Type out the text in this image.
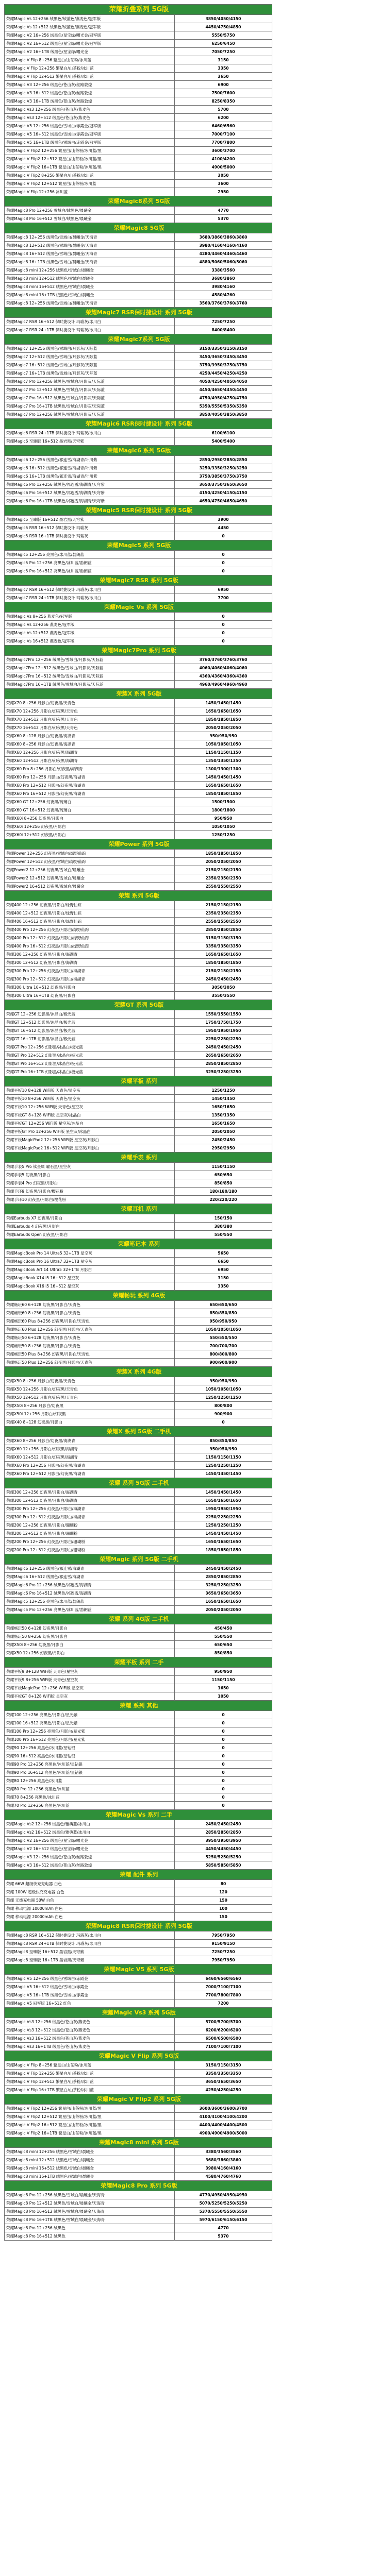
荣耀折叠系列 5G版
荣耀Magic Vs 12+256 绒黑色/绒蓝色/燕麦色/冠军版	3850/4050/4150
荣耀Magic Vs 12+512 绒黑色/绒蓝色/燕麦色/冠军版	4450/4750/4850
荣耀Magic V2 16+256 绒黑色/星宝绿/曙光金/冠军版	5550/5750
荣耀Magic V2 16+512 绒黑色/星宝绿/曙光金/冠军版	6250/6450
荣耀Magic V2 16+1TB 绒黑色/星宝绿/曙光金	7050/7250
荣耀Magic V Flip 8+256 繁星白/山茶粉/冰川蓝	3150
荣耀Magic V Flip 12+256 繁星白/山茶粉/冰川蓝	3350
荣耀Magic V Flip 12+512 繁星白/山茶粉/冰川蓝	3650
荣耀Magic V3 12+256 绒黑色/苍山灰/丝路敦煌	6900
荣耀Magic V3 16+512 绒黑色/苍山灰/丝路敦煌	7500/7600
荣耀Magic V3 16+1TB 绒黑色/苍山灰/丝路敦煌	8250/8350
荣耀Magic Vs3 12+256 绒黑色/苍山灰/燕麦色	5700
荣耀Magic Vs3 12+512 绒黑色/苍山灰/燕麦色	6200
荣耀Magic V5 12+256 绒黑色/雪域白/赤霞金/冠军版	6460/6560
荣耀Magic V5 16+512 绒黑色/雪域白/赤霞金/冠军版	7000/7100
荣耀Magic V5 16+1TB 绒黑色/雪域白/赤霞金/冠军版	7700/7800
荣耀Magic V Flip2 12+256 繁星白/山茶粉/冰川蓝/黑	3600/3700
荣耀Magic V Flip2 12+512 繁星白/山茶粉/冰川蓝/黑	4100/4200
荣耀Magic V Flip2 16+1TB 繁星白/山茶粉/冰川蓝/黑	4900/5000
荣耀Magic V Flip2 8+256 繁星白/山茶粉/冰川蓝	3050
荣耀Magic V Flip2 12+512 繁星白/山茶粉/冰川蓝	3600
荣耀Magic V Flip 12+256 冰川蓝	2950
荣耀Magic8系列 5G版
荣耀Magic8 Pro 12+256 雪域白/绒黑色/晨曦金	4770
荣耀Magic8 Pro 16+512 雪域白/绒黑色/晨曦金	5370
荣耀Magic8 5G版
荣耀Magic8 12+256 绒黑色/雪域白/晨曦金/天海青	3680/3860/3860/3860
荣耀Magic8 12+512 绒黑色/雪域白/晨曦金/天海青	3980/4160/4160/4160
荣耀Magic8 16+512 绒黑色/雪域白/晨曦金/天海青	4280/4460/4460/4460
荣耀Magic8 16+1TB 绒黑色/雪域白/晨曦金/天海青	4880/5060/5060/5060
荣耀Magic8 mini 12+256 绒黑色/雪域白/晨曦金	3380/3560
荣耀Magic8 mini 12+512 绒黑色/雪域白/晨曦金	3680/3860
荣耀Magic8 mini 16+512 绒黑色/雪域白/晨曦金	3980/4160
荣耀Magic8 mini 16+1TB 绒黑色/雪域白/晨曦金	4580/4760
荣耀Magic8 12+256 绒黑色/雪域白/晨曦金/天海青	3560/3760/3760/3760
荣耀Magic7 RSR保时捷设计 系列 5G版
荣耀Magic7 RSR 16+512 保时捷设计 玛瑙灰/冰川白	7250/7250
荣耀Magic7 RSR 24+1TB 保时捷设计 玛瑙灰/冰川白	8400/8400
荣耀Magic7系列 5G版
荣耀Magic7 12+256 绒黑色/雪域白/月影灰/天际蓝	3150/3350/3150/3150
荣耀Magic7 12+512 绒黑色/雪域白/月影灰/天际蓝	3450/3650/3450/3450
荣耀Magic7 16+512 绒黑色/雪域白/月影灰/天际蓝	3750/3950/3750/3750
荣耀Magic7 16+1TB 绒黑色/雪域白/月影灰/天际蓝	4250/4450/4250/4250
荣耀Magic7 Pro 12+256 绒黑色/雪域白/月影灰/天际蓝	4050/4250/4050/4050
荣耀Magic7 Pro 12+512 绒黑色/雪域白/月影灰/天际蓝	4450/4650/4450/4450
荣耀Magic7 Pro 16+512 绒黑色/雪域白/月影灰/天际蓝	4750/4950/4750/4750
荣耀Magic7 Pro 16+1TB 绒黑色/雪域白/月影灰/天际蓝	5350/5550/5350/5350
荣耀Magic7 Pro 12+256 绒黑色/雪域白/月影灰/天际蓝	3850/4050/3850/3850
荣耀Magic6 RSR保时捷设计 系列 5G版
荣耀Magic6 RSR 24+1TB 保时捷设计 玛瑙灰/冰川白	6100/6100
荣耀Magic6 至臻版 16+512 墨岩黑/天穹紫	5400/5400
荣耀Magic6 系列 5G版
荣耀Magic6 12+256 绒黑色/祁连雪/海湖青/叶川紫	2850/2950/2850/2850
荣耀Magic6 16+512 绒黑色/祁连雪/海湖青/叶川紫	3250/3350/3250/3250
荣耀Magic6 16+1TB 绒黑色/祁连雪/海湖青/叶川紫	3750/3850/3750/3750
荣耀Magic6 Pro 12+256 绒黑色/祁连雪/海湖青/天穹紫	3650/3750/3650/3650
荣耀Magic6 Pro 16+512 绒黑色/祁连雪/海湖青/天穹紫	4150/4250/4150/4150
荣耀Magic6 Pro 16+1TB 绒黑色/祁连雪/海湖青/天穹紫	4650/4750/4650/4650
荣耀Magic5 RSR保时捷设计 系列 5G版
荣耀Magic5 至臻版 16+512 墨岩黑/天穹紫	3900
荣耀Magic5 RSR 16+512 保时捷设计 玛瑙灰	4450
荣耀Magic5 RSR 16+1TB 保时捷设计 玛瑙灰	0
荣耀Magic5 系列 5G版
荣耀Magic5 12+256 亮黑色/冰川蓝/勃朗蓝	0
荣耀Magic5 Pro 12+256 亮黑色/冰川蓝/勃朗蓝	0
荣耀Magic5 Pro 16+512 亮黑色/冰川蓝/勃朗蓝	0
荣耀Magic7 RSR 系列 5G版
荣耀Magic7 RSR 16+512 保时捷设计 玛瑙灰/冰川白	6950
荣耀Magic7 RSR 24+1TB 保时捷设计 玛瑙灰/冰川白	7700
荣耀Magic Vs 系列 5G版
荣耀Magic Vs 8+256 燕麦色/冠军版	0
荣耀Magic Vs 12+256 燕麦色/冠军版	0
荣耀Magic Vs 12+512 燕麦色/冠军版	0
荣耀Magic Vs 16+512 燕麦色/冠军版	0
荣耀Magic7Pro 系列 5G版
荣耀Magic7Pro 12+256 绒黑色/雪域白/月影灰/天际蓝	3760/3760/3760/3760
荣耀Magic7Pro 12+512 绒黑色/雪域白/月影灰/天际蓝	4060/4060/4060/4060
荣耀Magic7Pro 16+512 绒黑色/雪域白/月影灰/天际蓝	4360/4360/4360/4360
荣耀Magic7Pro 16+1TB 绒黑色/雪域白/月影灰/天际蓝	4960/4960/4960/4960
荣耀X 系列 5G版
荣耀X70 8+256 月影白/幻夜黑/天青色	1450/1450/1450
荣耀X70 12+256 月影白/幻夜黑/天青色	1650/1650/1650
荣耀X70 12+512 月影白/幻夜黑/天青色	1850/1850/1850
荣耀X70 16+512 月影白/幻夜黑/天青色	2050/2050/2050
荣耀X60 8+128 月影白/幻夜黑/海湖青	950/950/950
荣耀X60 8+256 月影白/幻夜黑/海湖青	1050/1050/1050
荣耀X60 12+256 月影白/幻夜黑/海湖青	1150/1150/1150
荣耀X60 12+512 月影白/幻夜黑/海湖青	1350/1350/1350
荣耀X60 Pro 8+256 月影白/幻夜黑/海湖青	1300/1300/1300
荣耀X60 Pro 12+256 月影白/幻夜黑/海湖青	1450/1450/1450
荣耀X60 Pro 12+512 月影白/幻夜黑/海湖青	1650/1650/1650
荣耀X60 Pro 16+512 月影白/幻夜黑/海湖青	1850/1850/1850
荣耀X60 GT 12+256 幻夜黑/琉璃白	1500/1500
荣耀X60 GT 16+512 幻夜黑/琉璃白	1800/1800
荣耀X60i 8+256 幻夜黑/月影白	950/950
荣耀X60i 12+256 幻夜黑/月影白	1050/1050
荣耀X60i 12+512 幻夜黑/月影白	1250/1250
荣耀Power 系列 5G版
荣耀Power 12+256 幻夜黑/雪域白/绿野仙踪	1850/1850/1850
荣耀Power 12+512 幻夜黑/雪域白/绿野仙踪	2050/2050/2050
荣耀Power2 12+256 幻夜黑/雪域白/晨曦金	2150/2150/2150
荣耀Power2 12+512 幻夜黑/雪域白/晨曦金	2350/2350/2350
荣耀Power2 16+512 幻夜黑/雪域白/晨曦金	2550/2550/2550
荣耀 系列 5G版
荣耀400 12+256 幻夜黑/月影白/绿野仙踪	2150/2150/2150
荣耀400 12+512 幻夜黑/月影白/绿野仙踪	2350/2350/2350
荣耀400 16+512 幻夜黑/月影白/绿野仙踪	2550/2550/2550
荣耀400 Pro 12+256 幻夜黑/月影白/绿野仙踪	2850/2850/2850
荣耀400 Pro 12+512 幻夜黑/月影白/绿野仙踪	3150/3150/3150
荣耀400 Pro 16+512 幻夜黑/月影白/绿野仙踪	3350/3350/3350
荣耀300 12+256 幻夜黑/月影白/海湖青	1650/1650/1650
荣耀300 12+512 幻夜黑/月影白/海湖青	1850/1850/1850
荣耀300 Pro 12+256 幻夜黑/月影白/海湖青	2150/2150/2150
荣耀300 Pro 12+512 幻夜黑/月影白/海湖青	2450/2450/2450
荣耀300 Ultra 16+512 幻夜黑/月影白	3050/3050
荣耀300 Ultra 16+1TB 幻夜黑/月影白	3550/3550
荣耀GT 系列 5G版
荣耀GT 12+256 幻影黑/冰晶白/极光蓝	1550/1550/1550
荣耀GT 12+512 幻影黑/冰晶白/极光蓝	1750/1750/1750
荣耀GT 16+512 幻影黑/冰晶白/极光蓝	1950/1950/1950
荣耀GT 16+1TB 幻影黑/冰晶白/极光蓝	2250/2250/2250
荣耀GT Pro 12+256 幻影黑/冰晶白/极光蓝	2450/2450/2450
荣耀GT Pro 12+512 幻影黑/冰晶白/极光蓝	2650/2650/2650
荣耀GT Pro 16+512 幻影黑/冰晶白/极光蓝	2850/2850/2850
荣耀GT Pro 16+1TB 幻影黑/冰晶白/极光蓝	3250/3250/3250
荣耀平板 系列
荣耀平板10 8+128 WiFi版 天青色/星空灰	1250/1250
荣耀平板10 8+256 WiFi版 天青色/星空灰	1450/1450
荣耀平板10 12+256 WiFi版 天青色/星空灰	1650/1650
荣耀平板GT 8+128 WiFi版 星空灰/冰晶白	1350/1350
荣耀平板GT 12+256 WiFi版 星空灰/冰晶白	1650/1650
荣耀平板GT Pro 12+256 WiFi版 星空灰/冰晶白	2050/2050
荣耀平板MagicPad2 12+256 WiFi版 星空灰/月影白	2450/2450
荣耀平板MagicPad2 16+512 WiFi版 星空灰/月影白	2950/2950
荣耀手表 系列
荣耀手表5 Pro 钛金属 曜石黑/星空灰	1150/1150
荣耀手表5 幻夜黑/月影白	650/650
荣耀手表4 Pro 幻夜黑/月影白	850/850
荣耀手环9 幻夜黑/月影白/樱花粉	180/180/180
荣耀手环10 幻夜黑/月影白/樱花粉	220/220/220
荣耀耳机 系列
荣耀Earbuds X7 幻夜黑/月影白	150/150
荣耀Earbuds 4 幻夜黑/月影白	380/380
荣耀Earbuds Open 幻夜黑/月影白	550/550
荣耀笔记本 系列
荣耀MagicBook Pro 14 Ultra5 32+1TB 星空灰	5650
荣耀MagicBook Pro 16 Ultra7 32+1TB 星空灰	6650
荣耀MagicBook Art 14 Ultra5 32+1TB 月影白	6950
荣耀MagicBook X14 i5 16+512 星空灰	3150
荣耀MagicBook X16 i5 16+512 星空灰	3350
荣耀畅玩 系列 4G版
荣耀畅玩60 6+128 幻夜黑/月影白/天青色	650/650/650
荣耀畅玩60 8+256 幻夜黑/月影白/天青色	850/850/850
荣耀畅玩60 Plus 8+256 幻夜黑/月影白/天青色	950/950/950
荣耀畅玩60 Plus 12+256 幻夜黑/月影白/天青色	1050/1050/1050
荣耀畅玩50 6+128 幻夜黑/月影白/天青色	550/550/550
荣耀畅玩50 8+256 幻夜黑/月影白/天青色	700/700/700
荣耀畅玩50 Plus 8+256 幻夜黑/月影白/天青色	800/800/800
荣耀畅玩50 Plus 12+256 幻夜黑/月影白/天青色	900/900/900
荣耀X 系列 4G版
荣耀X50 8+256 月影白/幻夜黑/天青色	950/950/950
荣耀X50 12+256 月影白/幻夜黑/天青色	1050/1050/1050
荣耀X50 12+512 月影白/幻夜黑/天青色	1250/1250/1250
荣耀X50i 8+256 月影白/幻夜黑	800/800
荣耀X50i 12+256 月影白/幻夜黑	900/900
荣耀X40 8+128 幻夜黑/月影白	0
荣耀X 系列 5G版 二手机
荣耀X60 8+256 月影白/幻夜黑/海湖青	850/850/850
荣耀X60 12+256 月影白/幻夜黑/海湖青	950/950/950
荣耀X60 12+512 月影白/幻夜黑/海湖青	1150/1150/1150
荣耀X60 Pro 12+256 月影白/幻夜黑/海湖青	1250/1250/1250
荣耀X60 Pro 12+512 月影白/幻夜黑/海湖青	1450/1450/1450
荣耀 系列 5G版 二手机
荣耀300 12+256 幻夜黑/月影白/海湖青	1450/1450/1450
荣耀300 12+512 幻夜黑/月影白/海湖青	1650/1650/1650
荣耀300 Pro 12+256 幻夜黑/月影白/海湖青	1950/1950/1950
荣耀300 Pro 12+512 幻夜黑/月影白/海湖青	2250/2250/2250
荣耀200 12+256 幻夜黑/月影白/珊瑚粉	1250/1250/1250
荣耀200 12+512 幻夜黑/月影白/珊瑚粉	1450/1450/1450
荣耀200 Pro 12+256 幻夜黑/月影白/珊瑚粉	1650/1650/1650
荣耀200 Pro 12+512 幻夜黑/月影白/珊瑚粉	1850/1850/1850
荣耀Magic 系列 5G版 二手机
荣耀Magic6 12+256 绒黑色/祁连雪/海湖青	2450/2450/2450
荣耀Magic6 16+512 绒黑色/祁连雪/海湖青	2850/2850/2850
荣耀Magic6 Pro 12+256 绒黑色/祁连雪/海湖青	3250/3250/3250
荣耀Magic6 Pro 16+512 绒黑色/祁连雪/海湖青	3650/3650/3650
荣耀Magic5 12+256 亮黑色/冰川蓝/勃朗蓝	1650/1650/1650
荣耀Magic5 Pro 12+256 亮黑色/冰川蓝/勃朗蓝	2050/2050/2050
荣耀 系列 4G版 二手机
荣耀畅玩50 6+128 幻夜黑/月影白	450/450
荣耀畅玩50 8+256 幻夜黑/月影白	550/550
荣耀X50i 8+256 幻夜黑/月影白	650/650
荣耀X50 12+256 幻夜黑/月影白	850/850
荣耀平板 系列 二手
荣耀平板9 8+128 WiFi版 天青色/星空灰	950/950
荣耀平板9 8+256 WiFi版 天青色/星空灰	1150/1150
荣耀平板MagicPad 12+256 WiFi版 星空灰	1650
荣耀平板GT 8+128 WiFi版 星空灰	1050
荣耀 系列 其他
荣耀100 12+256 亮黑色/月影白/星光紫	0
荣耀100 16+512 亮黑色/月影白/星光紫	0
荣耀100 Pro 12+256 亮黑色/月影白/星光紫	0
荣耀100 Pro 16+512 亮黑色/月影白/星光紫	0
荣耀90 12+256 亮黑色/冰川蓝/星钻银	0
荣耀90 16+512 亮黑色/冰川蓝/星钻银	0
荣耀90 Pro 12+256 亮黑色/冰川蓝/星钻银	0
荣耀90 Pro 16+512 亮黑色/冰川蓝/星钻银	0
荣耀80 12+256 亮黑色/冰川蓝	0
荣耀80 Pro 12+256 亮黑色/冰川蓝	0
荣耀70 8+256 亮黑色/冰川蓝	0
荣耀70 Pro 12+256 亮黑色/冰川蓝	0
荣耀Magic Vs 系列 二手
荣耀Magic Vs2 12+256 绒黑色/雅典蓝/冰川白	2450/2450/2450
荣耀Magic Vs2 16+512 绒黑色/雅典蓝/冰川白	2850/2850/2850
荣耀Magic V2 16+256 绒黑色/星宝绿/曙光金	3950/3950/3950
荣耀Magic V2 16+512 绒黑色/星宝绿/曙光金	4450/4450/4450
荣耀Magic V3 12+256 绒黑色/苍山灰/丝路敦煌	5250/5250/5250
荣耀Magic V3 16+512 绒黑色/苍山灰/丝路敦煌	5850/5850/5850
荣耀 配件 系列
荣耀 66W 超级快充充电器 白色	80
荣耀 100W 超级快充充电器 白色	120
荣耀 无线充电器 50W 白色	150
荣耀 移动电源 10000mAh 白色	100
荣耀 移动电源 20000mAh 白色	150
荣耀Magic8 RSR保时捷设计 系列 5G版
荣耀Magic8 RSR 16+512 保时捷设计 玛瑙灰/冰川白	7950/7950
荣耀Magic8 RSR 24+1TB 保时捷设计 玛瑙灰/冰川白	9150/9150
荣耀Magic8 至臻版 16+512 墨岩黑/天穹紫	7250/7250
荣耀Magic8 至臻版 16+1TB 墨岩黑/天穹紫	7950/7950
荣耀Magic V5 系列 5G版
荣耀Magic V5 12+256 绒黑色/雪域白/赤霞金	6460/6560/6560
荣耀Magic V5 16+512 绒黑色/雪域白/赤霞金	7000/7100/7100
荣耀Magic V5 16+1TB 绒黑色/雪域白/赤霞金	7700/7800/7800
荣耀Magic V5 冠军版 16+512 红色	7200
荣耀Magic Vs3 系列 5G版
荣耀Magic Vs3 12+256 绒黑色/苍山灰/燕麦色	5700/5700/5700
荣耀Magic Vs3 12+512 绒黑色/苍山灰/燕麦色	6200/6200/6200
荣耀Magic Vs3 16+512 绒黑色/苍山灰/燕麦色	6500/6500/6500
荣耀Magic Vs3 16+1TB 绒黑色/苍山灰/燕麦色	7100/7100/7100
荣耀Magic V Flip 系列 5G版
荣耀Magic V Flip 8+256 繁星白/山茶粉/冰川蓝	3150/3150/3150
荣耀Magic V Flip 12+256 繁星白/山茶粉/冰川蓝	3350/3350/3350
荣耀Magic V Flip 12+512 繁星白/山茶粉/冰川蓝	3650/3650/3650
荣耀Magic V Flip 16+1TB 繁星白/山茶粉/冰川蓝	4250/4250/4250
荣耀Magic V Flip2 系列 5G版
荣耀Magic V Flip2 12+256 繁星白/山茶粉/冰川蓝/黑	3600/3600/3600/3700
荣耀Magic V Flip2 12+512 繁星白/山茶粉/冰川蓝/黑	4100/4100/4100/4200
荣耀Magic V Flip2 16+512 繁星白/山茶粉/冰川蓝/黑	4400/4400/4400/4500
荣耀Magic V Flip2 16+1TB 繁星白/山茶粉/冰川蓝/黑	4900/4900/4900/5000
荣耀Magic8 mini 系列 5G版
荣耀Magic8 mini 12+256 绒黑色/雪域白/晨曦金	3380/3560/3560
荣耀Magic8 mini 12+512 绒黑色/雪域白/晨曦金	3680/3860/3860
荣耀Magic8 mini 16+512 绒黑色/雪域白/晨曦金	3980/4160/4160
荣耀Magic8 mini 16+1TB 绒黑色/雪域白/晨曦金	4580/4760/4760
荣耀Magic8 Pro 系列 5G版
荣耀Magic8 Pro 12+256 绒黑色/雪域白/晨曦金/天海青	4770/4950/4950/4950
荣耀Magic8 Pro 12+512 绒黑色/雪域白/晨曦金/天海青	5070/5250/5250/5250
荣耀Magic8 Pro 16+512 绒黑色/雪域白/晨曦金/天海青	5370/5550/5550/5550
荣耀Magic8 Pro 16+1TB 绒黑色/雪域白/晨曦金/天海青	5970/6150/6150/6150
荣耀Magic8 Pro 12+256 绒黑色	4770
荣耀Magic8 Pro 16+512 绒黑色	5370
